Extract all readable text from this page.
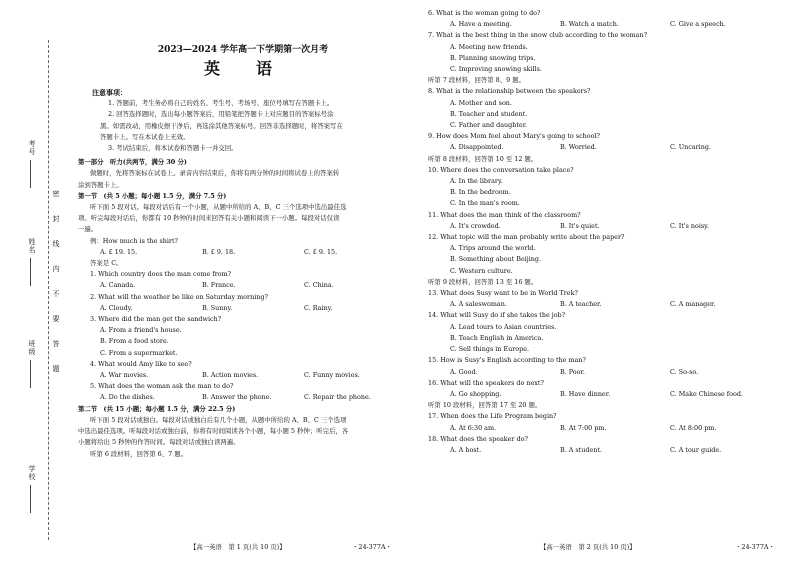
考号
姓名
班级
学校
密
封
线
内
不
要
答
题
2023—2024 学年高一下学期第一次月考
英　语
注意事项：

1. 答题前，考生务必将自己的姓名、考生号、考场号、座位号填写在答题卡上。

2. 回答选择题时，选出每小题答案后，用铅笔把答题卡上对应题目的答案标号涂

黑。如需改动，用橡皮擦干净后，再选涂其他答案标号。回答非选择题时，将答案写在

答题卡上。写在本试卷上无效。

3. 考试结束后，将本试卷和答题卡一并交回。

第一部分　听力(共两节，满分 30 分)
做题时，先将答案标在试卷上。录音内容结束后，你将有两分钟的时间将试卷上的答案转
涂到答题卡上。
第一节　(共 5 小题；每小题 1.5 分，满分 7.5 分)
听下面 5 段对话。每段对话后有一个小题，从题中所给的 A、B、C 三个选项中选出最佳选
项。听完每段对话后，你都有 10 秒钟的时间来回答有关小题和阅读下一小题。每段对话仅读
一遍。
例：How much is the shirt?
A. £ 19. 15.	B. £ 9. 18.	C. £ 9. 15.
答案是 C。
1. Which country does the man come from?
A. Canada.	B. France.	C. China.
2. What will the weather be like on Saturday morning?
A. Cloudy.	B. Sunny.	C. Rainy.
3. Where did the man get the sandwich?
A. From a friend's house.
B. From a food store.
C. From a supermarket.
4. What would Amy like to see?
A. War movies.	B. Action movies.	C. Funny movies.
5. What does the woman ask the man to do?
A. Do the dishes.	B. Answer the phone.	C. Repair the phone.
第二节　(共 15 小题；每小题 1.5 分，满分 22.5 分)
听下面 5 段对话或独白。每段对话或独白后有几个小题，从题中所给的 A、B、C 三个选项
中选出最佳选项。听每段对话或独白前，你将有时间阅读各个小题，每小题 5 秒钟；听完后，各
小题将给出 5 秒钟的作答时间。每段对话或独白读两遍。
听第 6 段材料，回答第 6、7 题。
【高一英语　第 1 页(共 10 页)】	・24-377A・
6. What is the woman going to do?
A. Have a meeting.	B. Watch a match.	C. Give a speech.
7. What is the best thing in the snow club according to the woman?
A. Meeting new friends.
B. Planning snowing trips.
C. Improving snowing skills.
听第 7 段材料，回答第 8、9 题。
8. What is the relationship between the speakers?
A. Mother and son.
B. Teacher and student.
C. Father and daughter.
9. How does Mom feel about Mary's going to school?
A. Disappointed.	B. Worried.	C. Uncaring.
听第 8 段材料，回答第 10 至 12 题。
10. Where does the conversation take place?
A. In the library.
B. In the bedroom.
C. In the man's room.
11. What does the man think of the classroom?
A. It's crowded.	B. It's quiet.	C. It's noisy.
12. What topic will the man probably write about the paper?
A. Trips around the world.
B. Something about Beijing.
C. Western culture.
听第 9 段材料，回答第 13 至 16 题。
13. What does Susy want to be in World Trek?
A. A saleswoman.	B. A teacher.	C. A manager.
14. What will Susy do if she takes the job?
A. Lead tours to Asian countries.
B. Teach English in America.
C. Sell things in Europe.
15. How is Susy's English according to the man?
A. Good.	B. Poor.	C. So-so.
16. What will the speakers do next?
A. Go shopping.	B. Have dinner.	C. Make Chinese food.
听第 10 段材料，回答第 17 至 20 题。
17. When does the Life Program begin?
A. At 6:30 am.	B. At 7:00 pm.	C. At 8:00 pm.
18. What does the speaker do?
A. A host.	B. A student.	C. A tour guide.
【高一英语　第 2 页(共 10 页)】	・24-377A・
